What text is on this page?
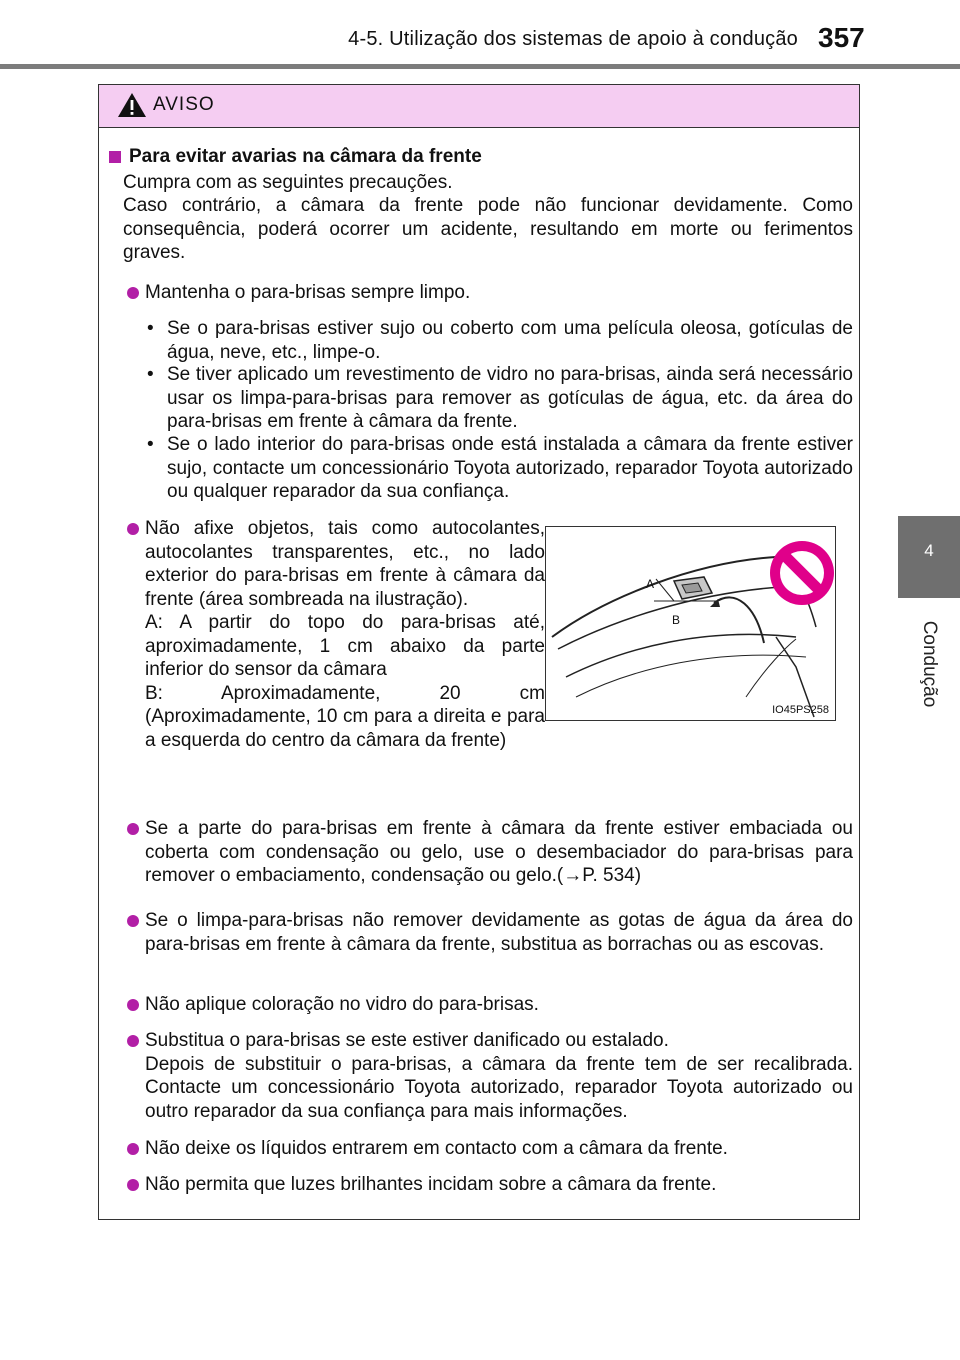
4-5. Utilização dos sistemas de apoio à condução 357
4
Condução
AVISO
Para evitar avarias na câmara da frente
Cumpra com as seguintes precauções.
Caso contrário, a câmara da frente pode não funcionar devidamente. Como consequência, poderá ocorrer um acidente, resultando em morte ou ferimentos graves.
Mantenha o para-brisas sempre limpo.
• Se o para-brisas estiver sujo ou coberto com uma película oleosa, gotículas de água, neve, etc., limpe-o.
• Se tiver aplicado um revestimento de vidro no para-brisas, ainda será necessário usar os limpa-para-brisas para remover as gotículas de água, etc. da área do para-brisas em frente à câmara da frente.
• Se o lado interior do para-brisas onde está instalada a câmara da frente estiver sujo, contacte um concessionário Toyota autorizado, reparador Toyota autorizado ou qualquer reparador da sua confiança.
Não afixe objetos, tais como autocolantes, autocolantes transparentes, etc., no lado exterior do para-brisas em frente à câmara da frente (área sombreada na ilustração).
A: A partir do topo do para-brisas até, aproximadamente, 1 cm abaixo da parte inferior do sensor da câmara
B: Aproximadamente, 20 cm (Aproximadamente, 10 cm para a direita e para a esquerda do centro da câmara da frente)
Se a parte do para-brisas em frente à câmara da frente estiver embaciada ou coberta com condensação ou gelo, use o desembaciador do para-brisas para remover o embaciamento, condensação ou gelo.(→P. 534)
Se o limpa-para-brisas não remover devidamente as gotas de água da área do para-brisas em frente à câmara da frente, substitua as borrachas ou as escovas.
Não aplique coloração no vidro do para-brisas.
Substitua o para-brisas se este estiver danificado ou estalado.
Depois de substituir o para-brisas, a câmara da frente tem de ser recalibrada. Contacte um concessionário Toyota autorizado, reparador Toyota autorizado ou outro reparador da sua confiança para mais informações.
Não deixe os líquidos entrarem em contacto com a câmara da frente.
Não permita que luzes brilhantes incidam sobre a câmara da frente.
A
B
IO45PS258
